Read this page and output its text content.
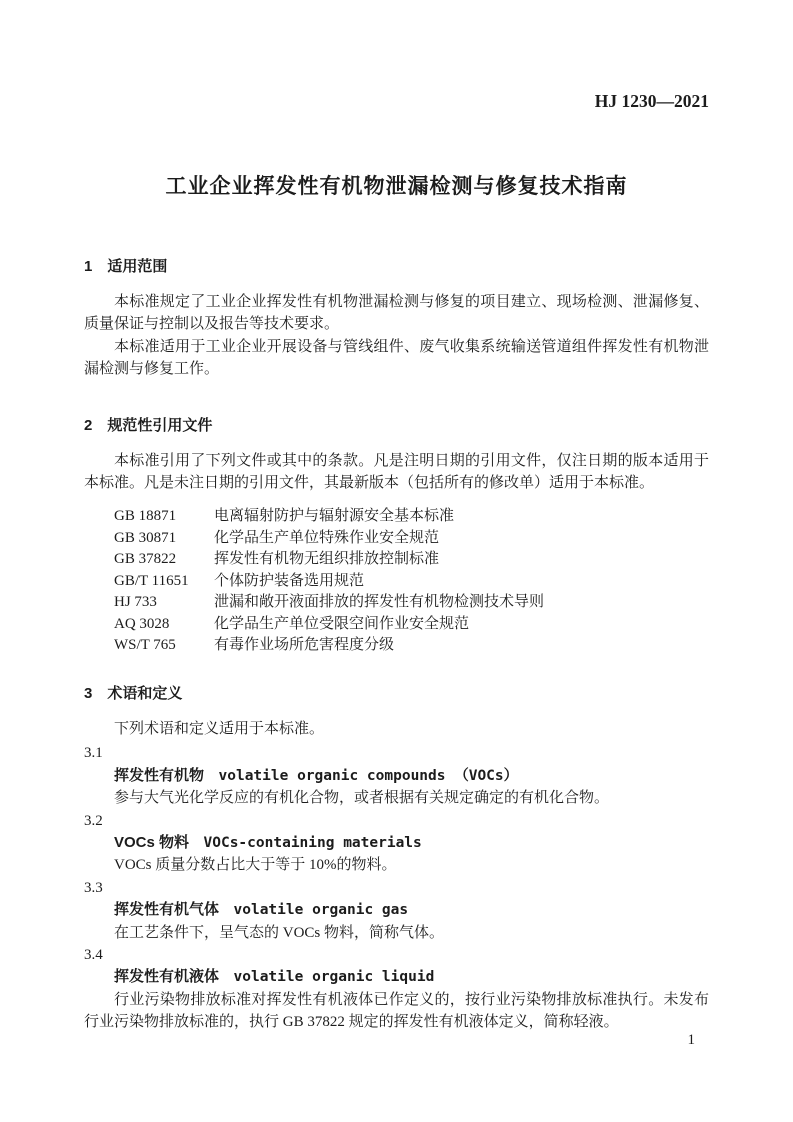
HJ 1230—2021
工业企业挥发性有机物泄漏检测与修复技术指南
1 适用范围

本标准规定了工业企业挥发性有机物泄漏检测与修复的项目建立、现场检测、泄漏修复、质量保证与控制以及报告等技术要求。

本标准适用于工业企业开展设备与管线组件、废气收集系统输送管道组件挥发性有机物泄漏检测与修复工作。

2 规范性引用文件

本标准引用了下列文件或其中的条款。凡是注明日期的引用文件，仅注日期的版本适用于本标准。凡是未注日期的引用文件，其最新版本（包括所有的修改单）适用于本标准。

GB 18871	电离辐射防护与辐射源安全基本标准
GB 30871	化学品生产单位特殊作业安全规范
GB 37822	挥发性有机物无组织排放控制标准
GB/T 11651	个体防护装备选用规范
HJ 733	泄漏和敞开液面排放的挥发性有机物检测技术导则
AQ 3028	化学品生产单位受限空间作业安全规范
WS/T 765	有毒作业场所危害程度分级
3 术语和定义

下列术语和定义适用于本标准。

3.1
挥发性有机物 volatile organic compounds （VOCs）

参与大气光化学反应的有机化合物，或者根据有关规定确定的有机化合物。

3.2
VOCs 物料 VOCs-containing materials

VOCs 质量分数占比大于等于 10%的物料。

3.3
挥发性有机气体 volatile organic gas

在工艺条件下，呈气态的 VOCs 物料，简称气体。

3.4
挥发性有机液体 volatile organic liquid

行业污染物排放标准对挥发性有机液体已作定义的，按行业污染物排放标准执行。未发布行业污染物排放标准的，执行 GB 37822 规定的挥发性有机液体定义，简称轻液。

1
